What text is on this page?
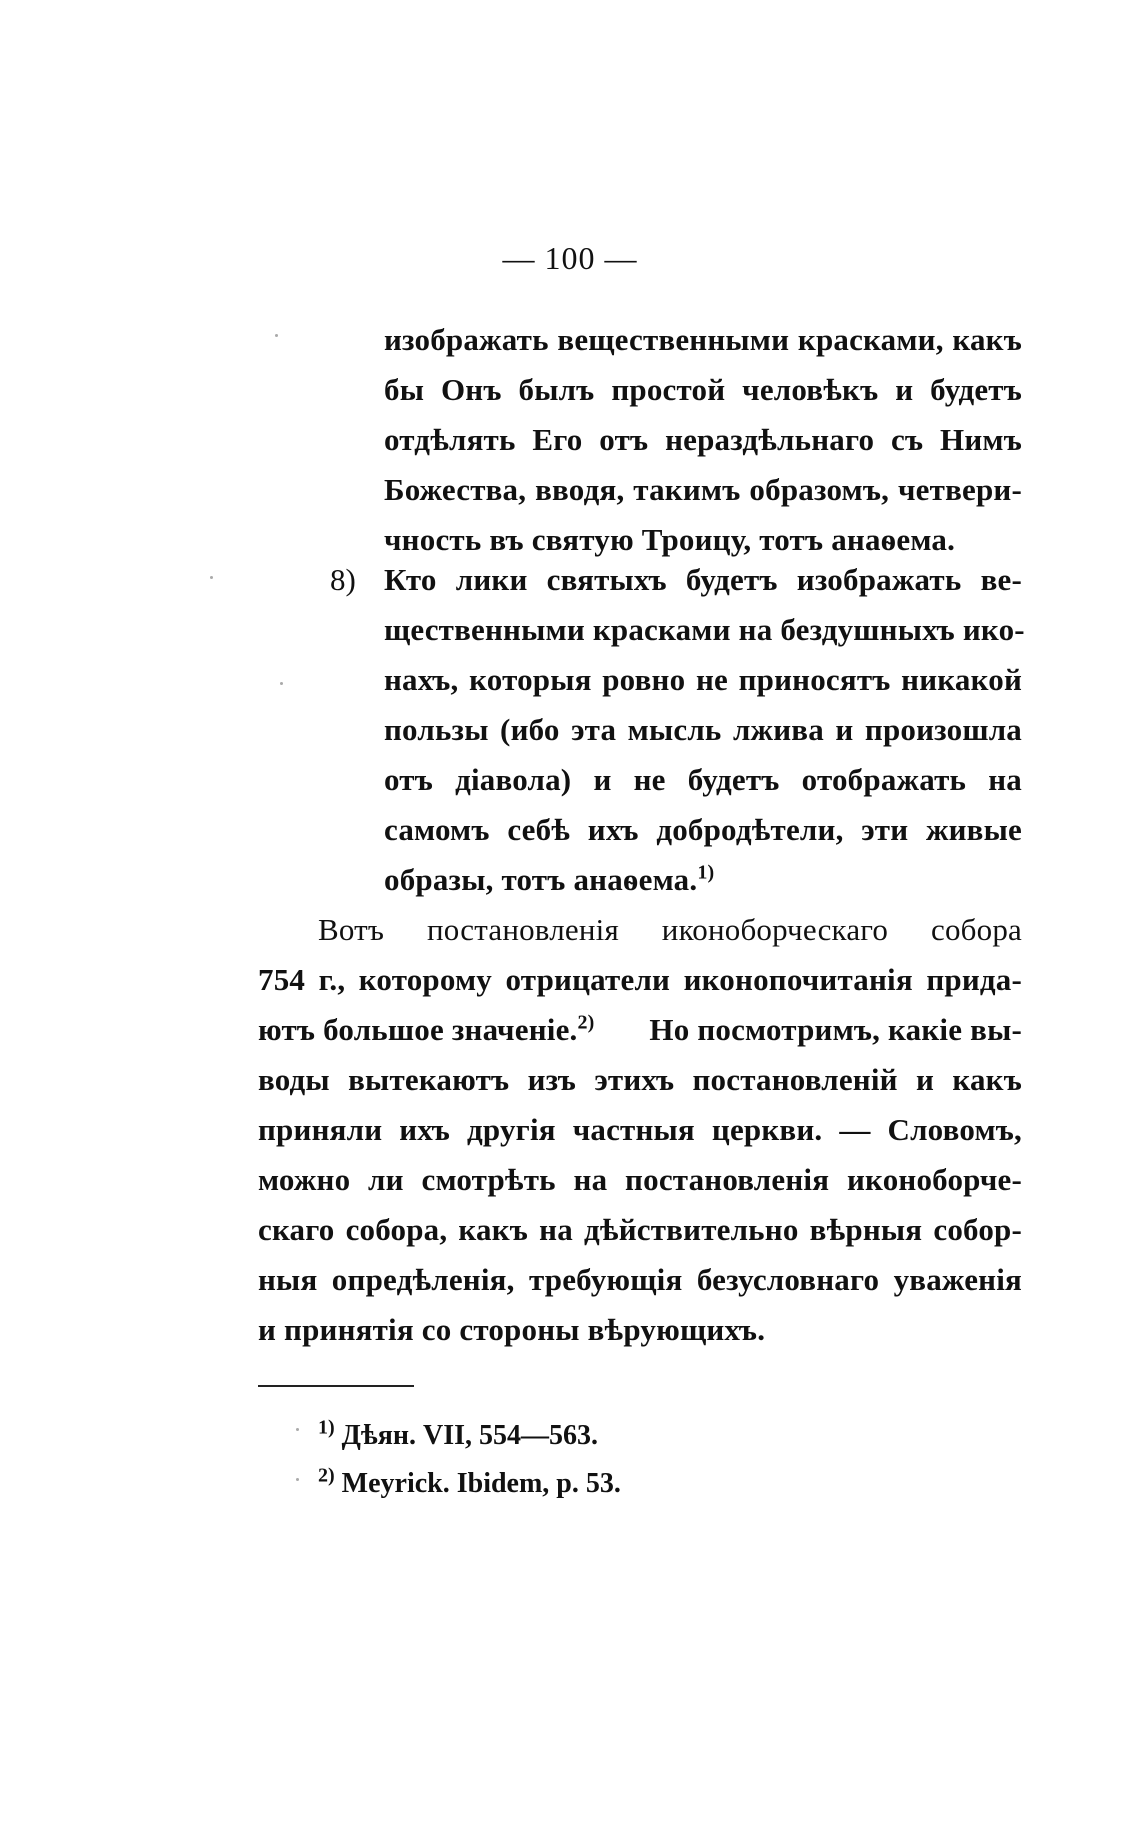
— 100 —
изображать вещественными красками, какъ
бы Онъ былъ простой человѣкъ и будетъ
отдѣлять Его отъ нераздѣльнаго съ Нимъ
Божества, вводя, такимъ образомъ, четвери-
чность въ святую Троицу, тотъ анаѳема.
8) Кто лики святыхъ будетъ изображать ве-
щественными красками на бездушныхъ ико-
нахъ, которыя ровно не приносятъ никакой
пользы (ибо эта мысль лжива и произошла
отъ діавола) и не будетъ отображать на
самомъ себѣ ихъ добродѣтели, эти живые
образы, тотъ анаѳема.$^{1)}$
Вотъ постановленія иконоборческаго собора
754 г., которому отрицатели иконопочитанія прида-
ютъ большое значеніе.$^{2)}$ Но посмотримъ, какіе вы-
воды вытекаютъ изъ этихъ постановленій и какъ
приняли ихъ другія частныя церкви. — Словомъ,
можно ли смотрѣть на постановленія иконоборче-
скаго собора, какъ на дѣйствительно вѣрныя собор-
ныя опредѣленія, требующія безусловнаго уваженія
и принятія со стороны вѣрующихъ.
$^{1)}$ Дѣян. VII, 554—563.
$^{2)}$ Meyrick. Ibidem, p. 53.
